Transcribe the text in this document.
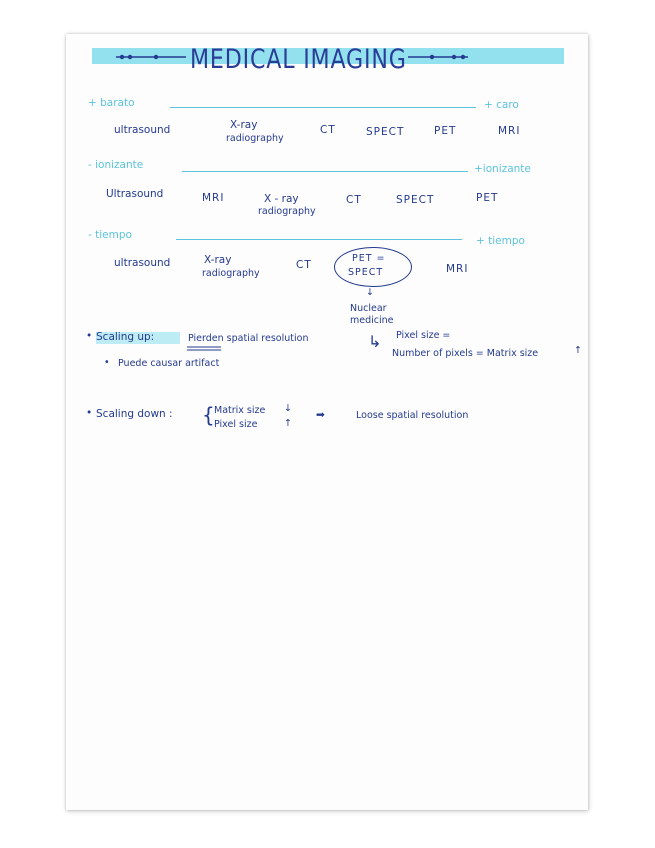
MEDICAL IMAGING
+ barato	+ caro
ultrasound	X-ray
radiography
CT	SPECT	PET	MRI
- ionizante	+ionizante
Ultrasound	MRI	X - ray
radiography
CT	SPECT	PET
- tiempo	+ tiempo
ultrasound	X-ray
radiography
CT
PET =
SPECT	MRI
↓
Nuclear
medicine
• Scaling up:	Pierden spatial resolution	↳ Pixel size =
Number of pixels = Matrix size	↑
• Puede causar artifact
• Scaling down : { Matrix size ↓
Pixel size	↑
➡	Loose spatial resolution
